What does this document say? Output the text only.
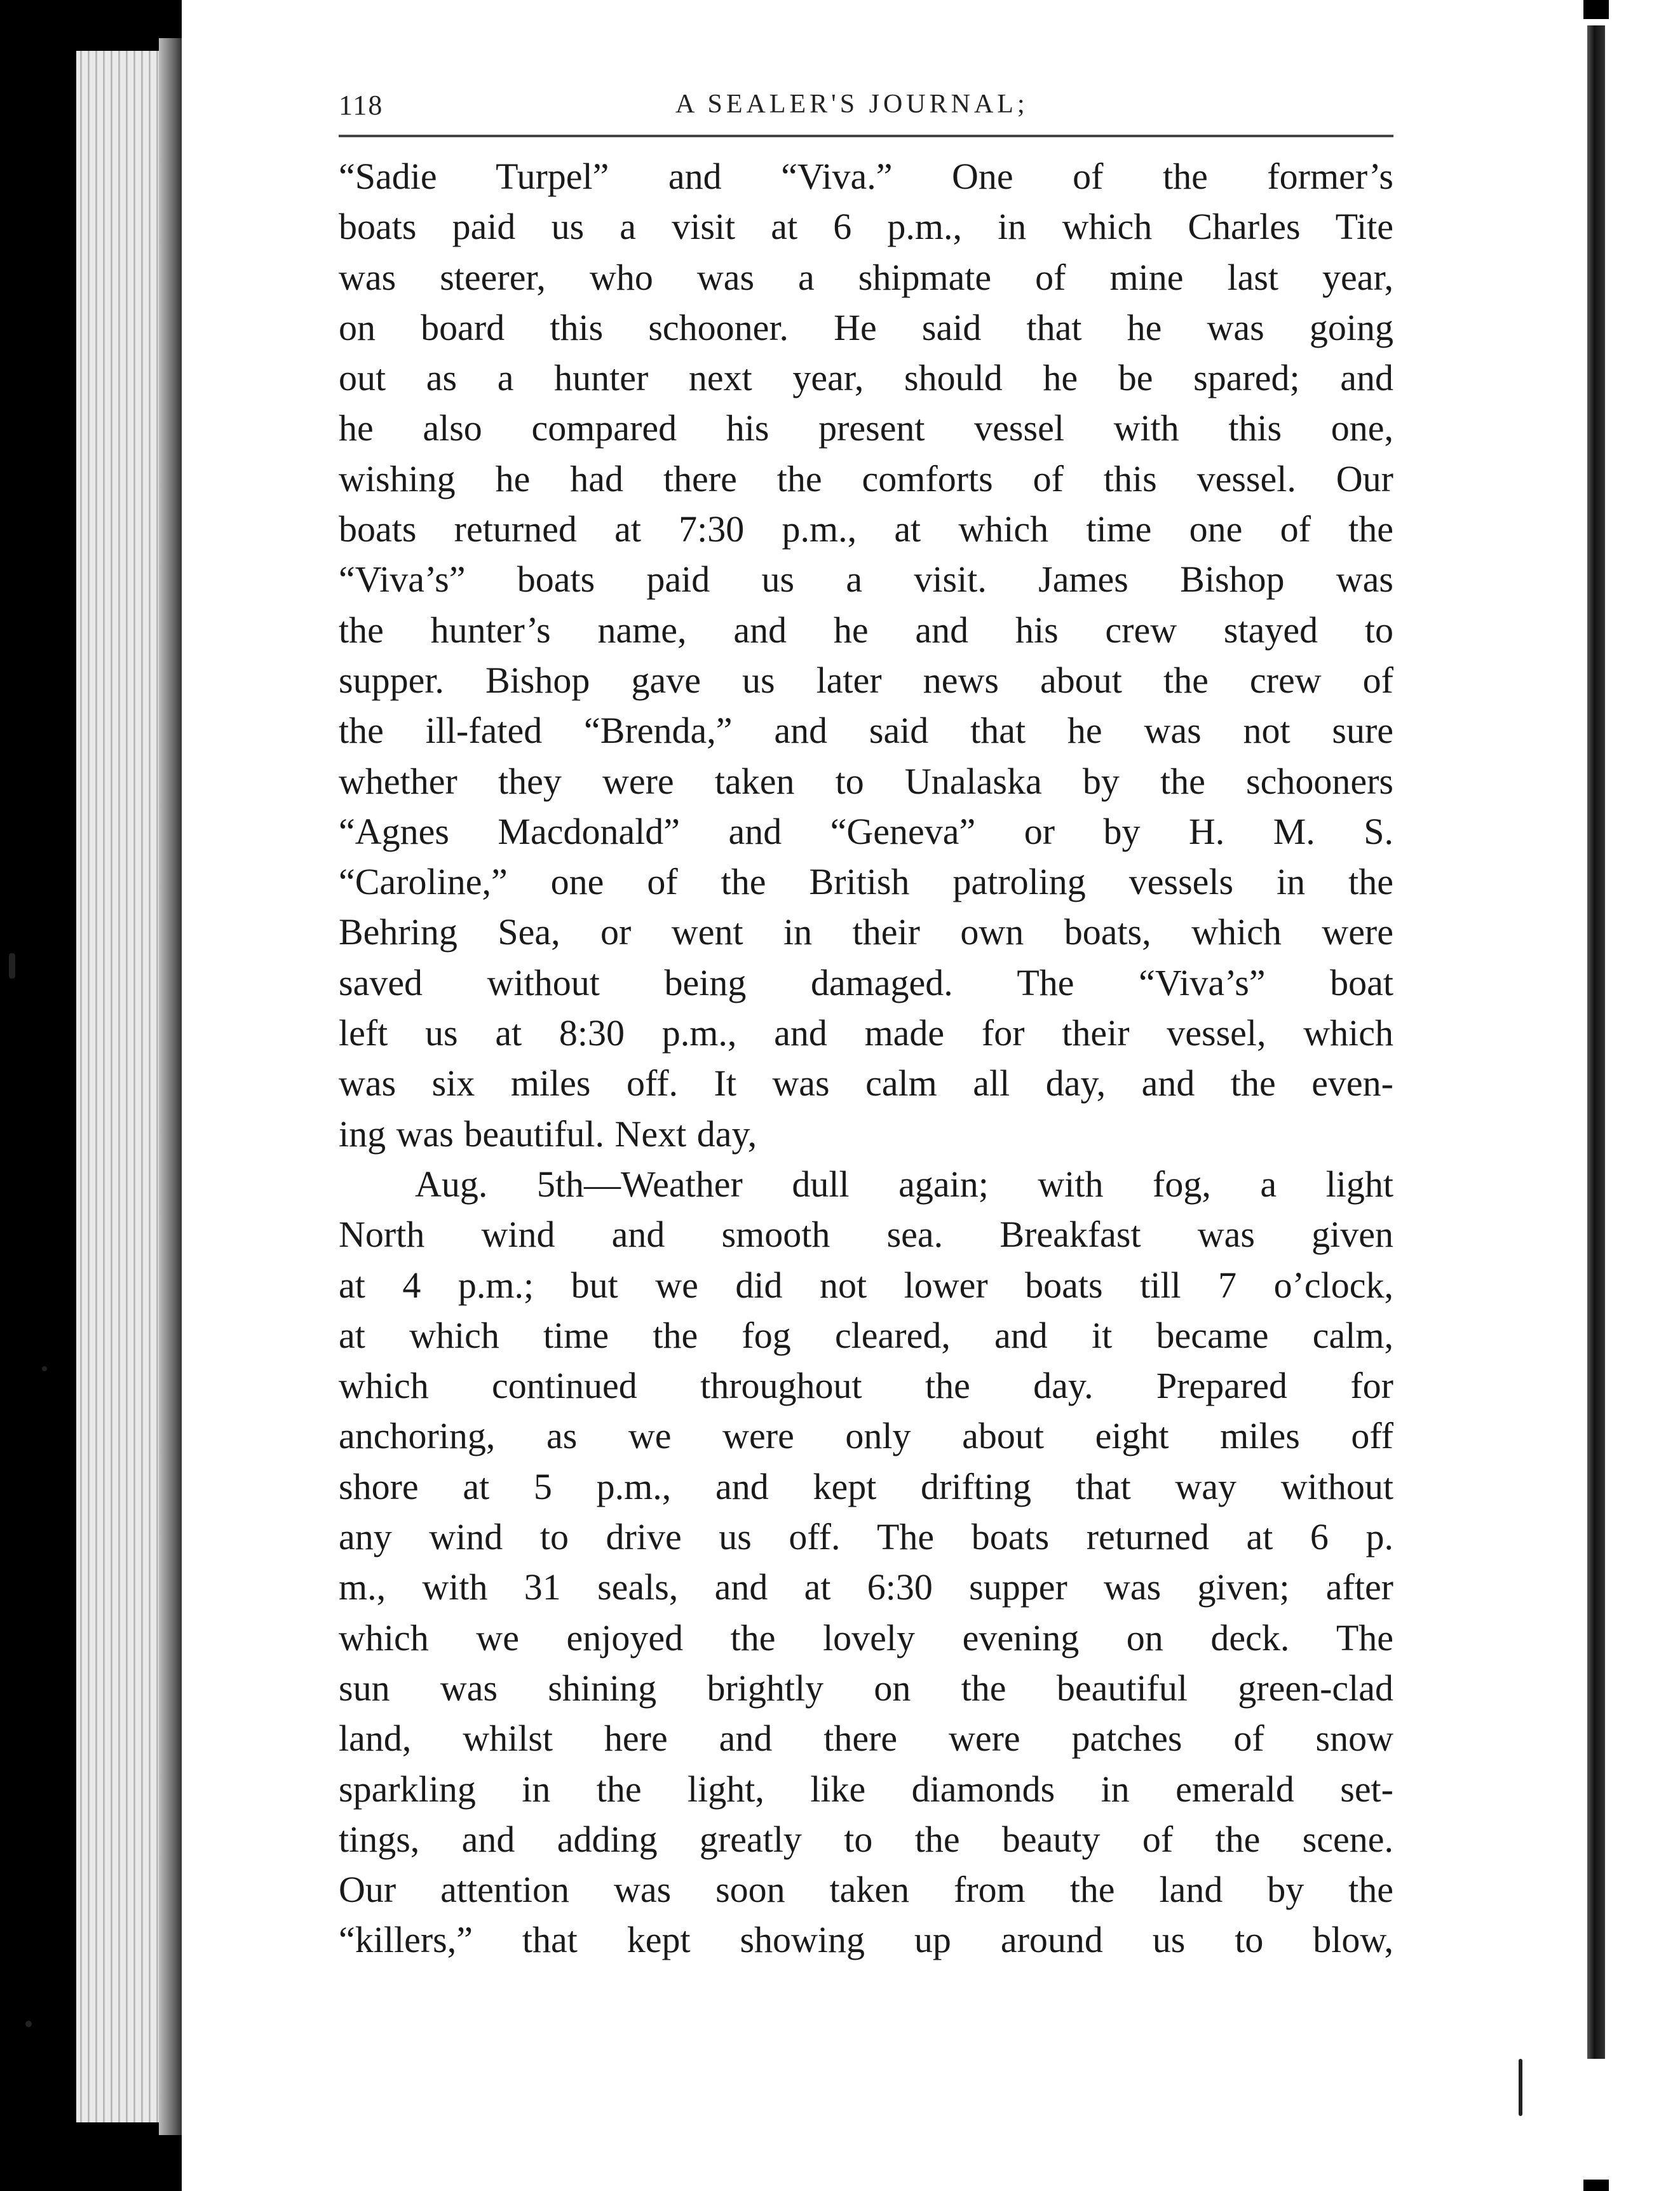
118	A SEALER'S JOURNAL;
“Sadie Turpel” and “Viva.” One of the former’s
boats paid us a visit at 6 p.m., in which Charles Tite
was steerer, who was a shipmate of mine last year,
on board this schooner. He said that he was going
out as a hunter next year, should he be spared; and
he also compared his present vessel with this one,
wishing he had there the comforts of this vessel. Our
boats returned at 7:30 p.m., at which time one of the
“Viva’s” boats paid us a visit. James Bishop was
the hunter’s name, and he and his crew stayed to
supper. Bishop gave us later news about the crew of
the ill-fated “Brenda,” and said that he was not sure
whether they were taken to Unalaska by the schooners
“Agnes Macdonald” and “Geneva” or by H. M. S.
“Caroline,” one of the British patroling vessels in the
Behring Sea, or went in their own boats, which were
saved without being damaged. The “Viva’s” boat
left us at 8:30 p.m., and made for their vessel, which
was six miles off. It was calm all day, and the even-
ing was beautiful. Next day,
Aug. 5th—Weather dull again; with fog, a light
North wind and smooth sea. Breakfast was given
at 4 p.m.; but we did not lower boats till 7 o’clock,
at which time the fog cleared, and it became calm,
which continued throughout the day. Prepared for
anchoring, as we were only about eight miles off
shore at 5 p.m., and kept drifting that way without
any wind to drive us off. The boats returned at 6 p.
m., with 31 seals, and at 6:30 supper was given; after
which we enjoyed the lovely evening on deck. The
sun was shining brightly on the beautiful green-clad
land, whilst here and there were patches of snow
sparkling in the light, like diamonds in emerald set-
tings, and adding greatly to the beauty of the scene.
Our attention was soon taken from the land by the
“killers,” that kept showing up around us to blow,
